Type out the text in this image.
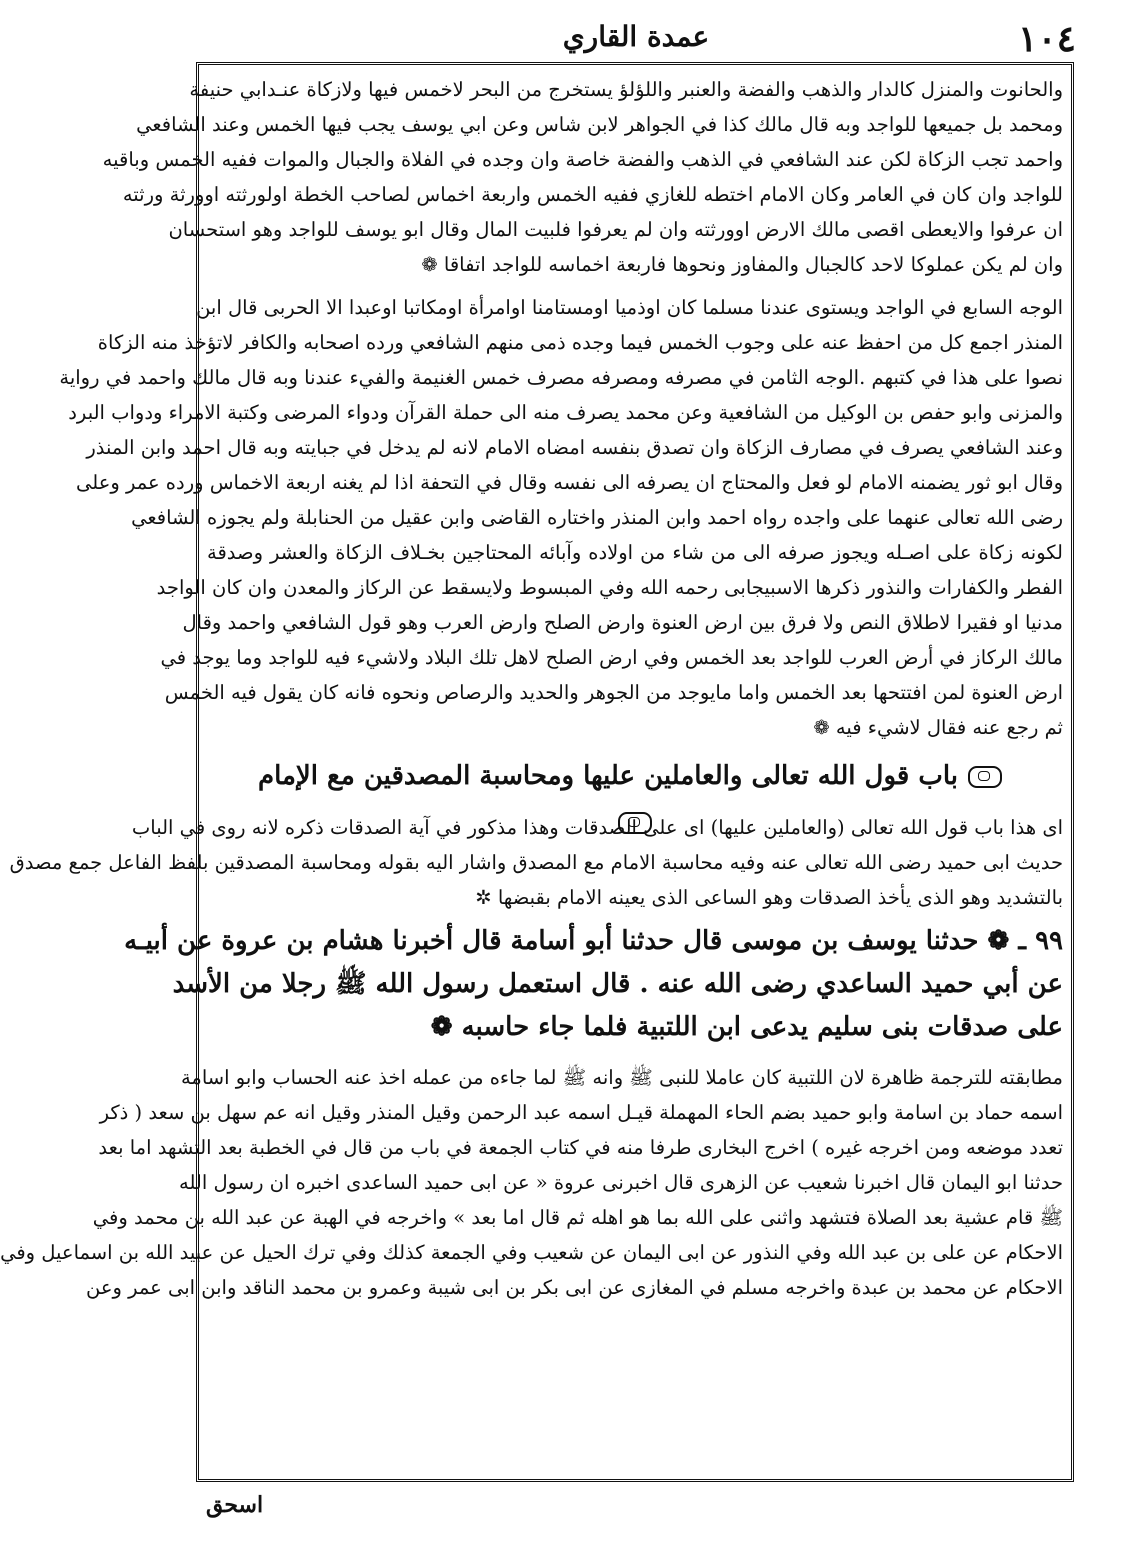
عمدة القاري	١٠٤
والحانوت والمنزل كالدار والذهب والفضة والعنبر واللؤلؤ يستخرج من البحر لاخمس فيها ولازكاة عنـدابي حنيفة
ومحمد بل جميعها للواجد وبه قال مالك كذا في الجواهر لابن شاس وعن ابي يوسف يجب فيها الخمس وعند الشافعي
واحمد تجب الزكاة لكن عند الشافعي في الذهب والفضة خاصة وان وجده في الفلاة والجبال والموات ففيه الخمس وباقيه
للواجد وان كان في العامر وكان الامام اختطه للغازي ففيه الخمس واربعة اخماس لصاحب الخطة اولورثته اوورثة ورثته
ان عرفوا والايعطى اقصى مالك الارض اوورثته وان لم يعرفوا فلبيت المال وقال ابو يوسف للواجد وهو استحسان
وان لم يكن عملوكا لاحد كالجبال والمفاوز ونحوها فاربعة اخماسه للواجد اتفاقا ❁
الوجه السابع في الواجد ويستوى عندنا مسلما كان اوذميا اومستامنا اوامرأة اومكاتبا اوعبدا الا الحربى قال ابن
المنذر اجمع كل من احفظ عنه على وجوب الخمس فيما وجده ذمى منهم الشافعي ورده اصحابه والكافر لاتؤخذ منه الزكاة
نصوا على هذا في كتبهم .الوجه الثامن في مصرفه ومصرفه مصرف خمس الغنيمة والفيء عندنا وبه قال مالك واحمد في رواية
والمزنى وابو حفص بن الوكيل من الشافعية وعن محمد يصرف منه الى حملة القرآن ودواء المرضى وكتبة الامراء ودواب البرد
وعند الشافعي يصرف في مصارف الزكاة وان تصدق بنفسه امضاه الامام لانه لم يدخل في جبايته وبه قال احمد وابن المنذر
وقال ابو ثور يضمنه الامام لو فعل والمحتاج ان يصرفه الى نفسه وقال في التحفة اذا لم يغنه اربعة الاخماس ورده عمر وعلى
رضى الله تعالى عنهما على واجده رواه احمد وابن المنذر واختاره القاضى وابن عقيل من الحنابلة ولم يجوزه الشافعي
لكونه زكاة على اصـله ويجوز صرفه الى من شاء من اولاده وآبائه المحتاجين بخـلاف الزكاة والعشر وصدقة
الفطر والكفارات والنذور ذكرها الاسبيجابى رحمه الله وفي المبسوط ولايسقط عن الركاز والمعدن وان كان الواجد
مدنيا او فقيرا لاطلاق النص ولا فرق بين ارض العنوة وارض الصلح وارض العرب وهو قول الشافعي واحمد وقال
مالك الركاز في أرض العرب للواجد بعد الخمس وفي ارض الصلح لاهل تلك البلاد ولاشيء فيه للواجد وما يوجد في
ارض العنوة لمن افتتحها بعد الخمس واما مايوجد من الجوهر والحديد والرصاص ونحوه فانه كان يقول فيه الخمس
ثم رجع عنه فقال لاشيء فيه ❁
باب قول الله تعالى والعاملين عليها ومحاسبة المصدقين مع الإمام
اى هذا باب قول الله تعالى (والعاملين عليها) اى على الصدقات وهذا مذكور في آية الصدقات ذكره لانه روى في الباب
حديث ابى حميد رضى الله تعالى عنه وفيه محاسبة الامام مع المصدق واشار اليه بقوله ومحاسبة المصدقين بلفظ الفاعل جمع مصدق
بالتشديد وهو الذى يأخذ الصدقات وهو الساعى الذى يعينه الامام بقبضها ✲
٩٩ ـ ❁ حدثنا يوسف بن موسى قال حدثنا أبو أسامة قال أخبرنا هشام بن عروة عن أبيـه
عن أبي حميد الساعدي رضى الله عنه . قال استعمل رسول الله ﷺ رجلا من الأسد
على صدقات بنى سليم يدعى ابن اللتبية فلما جاء حاسبه ❁
مطابقته للترجمة ظاهرة لان اللتبية كان عاملا للنبى ﷺ وانه ﷺ لما جاءه من عمله اخذ عنه الحساب وابو اسامة
اسمه حماد بن اسامة وابو حميد بضم الحاء المهملة قيـل اسمه عبد الرحمن وقيل المنذر وقيل انه عم سهل بن سعد ( ذكر
تعدد موضعه ومن اخرجه غيره ) اخرج البخارى طرفا منه في كتاب الجمعة في باب من قال في الخطبة بعد التشهد اما بعد
حدثنا ابو اليمان قال اخبرنا شعيب عن الزهرى قال اخبرنى عروة « عن ابى حميد الساعدى اخبره ان رسول الله
ﷺ قام عشية بعد الصلاة فتشهد واثنى على الله بما هو اهله ثم قال اما بعد » واخرجه في الهبة عن عبد الله بن محمد وفي
الاحكام عن على بن عبد الله وفي النذور عن ابى اليمان عن شعيب وفي الجمعة كذلك وفي ترك الحيل عن عبيد الله بن اسماعيل وفي
الاحكام عن محمد بن عبدة واخرجه مسلم في المغازى عن ابى بكر بن ابى شيبة وعمرو بن محمد الناقد وابن ابى عمر وعن
اسحق
